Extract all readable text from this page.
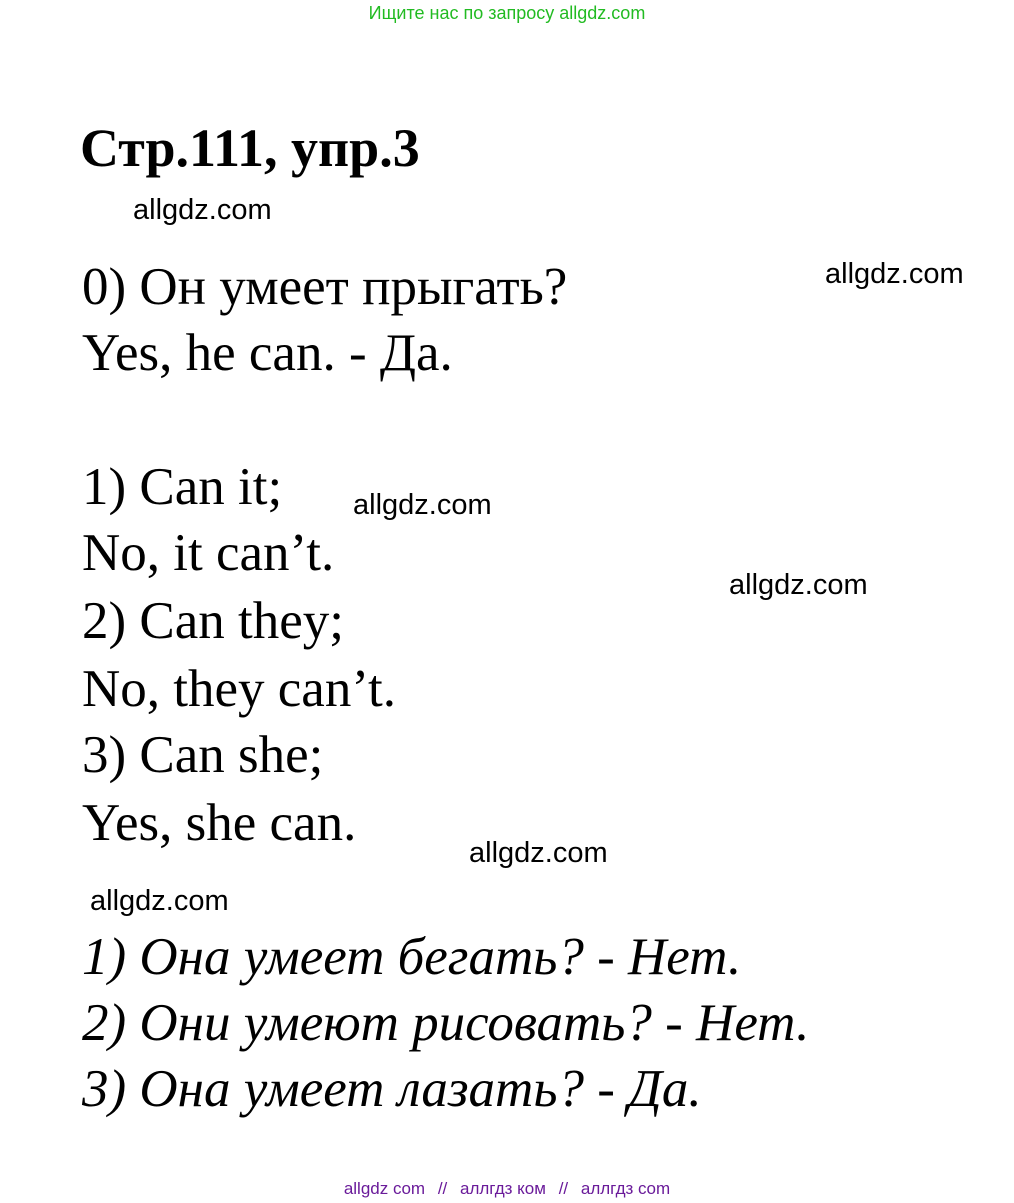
Ищите нас по запросу allgdz.com
Стр.111, упр.3
allgdz.com
0) Он умеет прыгать?	allgdz.com
Yes, he can. - Да.
1) Can it; allgdz.com
No, it can’t.
allgdz.com
2) Can they;
No, they can’t.
3) Can she;
Yes, she can.
allgdz.com
allgdz.com
1) Она умеет бегать? - Нет.
2) Они умеют рисовать? - Нет.
3) Она умеет лазать? - Да.
allgdz com // аллгдз ком // аллгдз com
